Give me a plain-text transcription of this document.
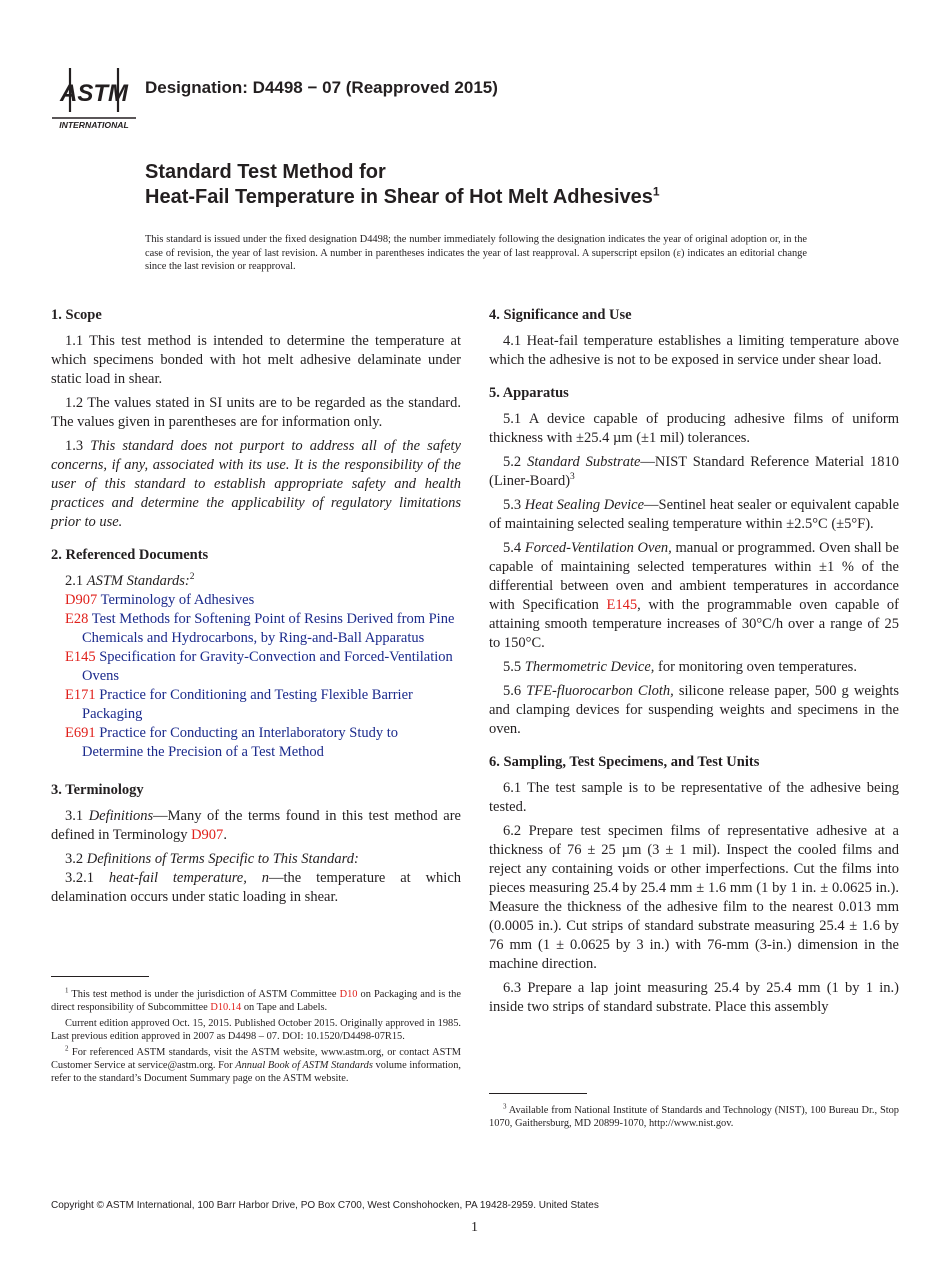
ASTM
INTERNATIONAL
Designation: D4498 − 07 (Reapproved 2015)
Standard Test Method for
Heat-Fail Temperature in Shear of Hot Melt Adhesives$^1$
This standard is issued under the fixed designation D4498; the number immediately following the designation indicates the year of original adoption or, in the case of revision, the year of last revision. A number in parentheses indicates the year of last reapproval. A superscript epsilon (ε) indicates an editorial change since the last revision or reapproval.
1. Scope
1.1 This test method is intended to determine the temperature at which specimens bonded with hot melt adhesive delaminate under static load in shear.
1.2 The values stated in SI units are to be regarded as the standard. The values given in parentheses are for information only.
1.3 This standard does not purport to address all of the safety concerns, if any, associated with its use. It is the responsibility of the user of this standard to establish appropriate safety and health practices and determine the applicability of regulatory limitations prior to use.
2. Referenced Documents
2.1 ASTM Standards:$^2$
D907 Terminology of Adhesives
E28 Test Methods for Softening Point of Resins Derived from Pine Chemicals and Hydrocarbons, by Ring-and-Ball Apparatus
E145 Specification for Gravity-Convection and Forced-Ventilation Ovens
E171 Practice for Conditioning and Testing Flexible Barrier Packaging
E691 Practice for Conducting an Interlaboratory Study to Determine the Precision of a Test Method
3. Terminology
3.1 Definitions—Many of the terms found in this test method are defined in Terminology D907.
3.2 Definitions of Terms Specific to This Standard:
3.2.1 heat-fail temperature, n—the temperature at which delamination occurs under static loading in shear.
4. Significance and Use
4.1 Heat-fail temperature establishes a limiting temperature above which the adhesive is not to be exposed in service under shear load.
5. Apparatus
5.1 A device capable of producing adhesive films of uniform thickness with ±25.4 µm (±1 mil) tolerances.
5.2 Standard Substrate—NIST Standard Reference Material 1810 (Liner-Board)$^3$
5.3 Heat Sealing Device—Sentinel heat sealer or equivalent capable of maintaining selected sealing temperature within ±2.5°C (±5°F).
5.4 Forced-Ventilation Oven, manual or programmed. Oven shall be capable of maintaining selected temperatures within ±1 % of the differential between oven and ambient temperatures in accordance with Specification E145, with the programmable oven capable of attaining smooth temperature increases of 30°C/h over a range of 25 to 150°C.
5.5 Thermometric Device, for monitoring oven temperatures.
5.6 TFE-fluorocarbon Cloth, silicone release paper, 500 g weights and clamping devices for suspending weights and specimens in the oven.
6. Sampling, Test Specimens, and Test Units
6.1 The test sample is to be representative of the adhesive being tested.
6.2 Prepare test specimen films of representative adhesive at a thickness of 76 ± 25 µm (3 ± 1 mil). Inspect the cooled films and reject any containing voids or other imperfections. Cut the films into pieces measuring 25.4 by 25.4 mm ± 1.6 mm (1 by 1 in. ± 0.0625 in.). Measure the thickness of the adhesive film to the nearest 0.013 mm (0.0005 in.). Cut strips of standard substrate measuring 25.4 ± 1.6 by 76 mm (1 ± 0.0625 by 3 in.) with 76-mm (3-in.) dimension in the machine direction.
6.3 Prepare a lap joint measuring 25.4 by 25.4 mm (1 by 1 in.) inside two strips of standard substrate. Place this assembly

$^1$ This test method is under the jurisdiction of ASTM Committee D10 on Packaging and is the direct responsibility of Subcommittee D10.14 on Tape and Labels.

Current edition approved Oct. 15, 2015. Published October 2015. Originally approved in 1985. Last previous edition approved in 2007 as D4498 – 07. DOI: 10.1520/D4498-07R15.

$^2$ For referenced ASTM standards, visit the ASTM website, www.astm.org, or contact ASTM Customer Service at service@astm.org. For Annual Book of ASTM Standards volume information, refer to the standard’s Document Summary page on the ASTM website.

$^3$ Available from National Institute of Standards and Technology (NIST), 100 Bureau Dr., Stop 1070, Gaithersburg, MD 20899-1070, http://www.nist.gov.

Copyright © ASTM International, 100 Barr Harbor Drive, PO Box C700, West Conshohocken, PA 19428-2959. United States
1
